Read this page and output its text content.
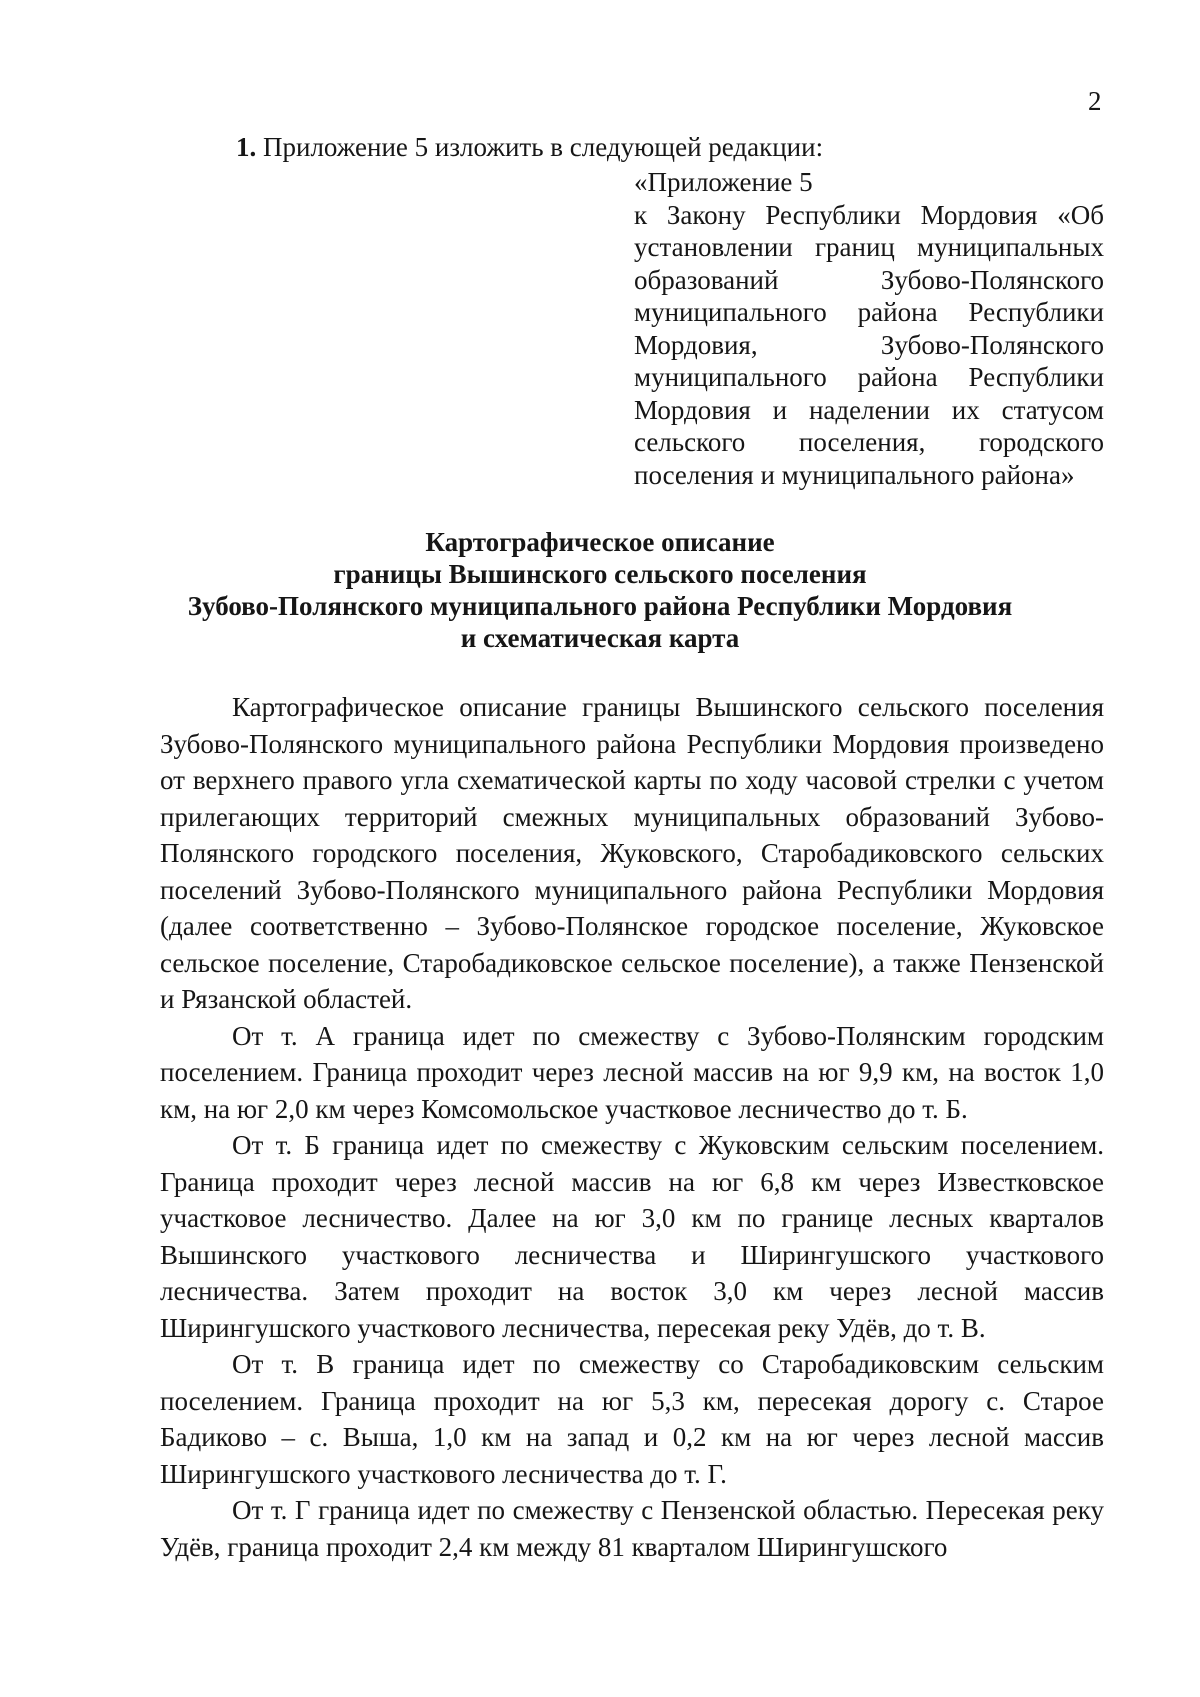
2
1. Приложение 5 изложить в следующей редакции:
«Приложение 5
к Закону Республики Мордовия «Об установлении границ муниципальных образований Зубово-Полянского муниципального района Республики Мордовия, Зубово-Полянского муниципального района Республики Мордовия и наделении их статусом сельского поселения, городского поселения и муниципального района»
Картографическое описание
границы Вышинского сельского поселения
Зубово-Полянского муниципального района Республики Мордовия
и схематическая карта

Картографическое описание границы Вышинского сельского поселения Зубово-Полянского муниципального района Республики Мордовия произведено от верхнего правого угла схематической карты по ходу часовой стрелки с учетом прилегающих территорий смежных муниципальных образований Зубово-Полянского городского поселения, Жуковского, Старобадиковского сельских поселений Зубово-Полянского муниципального района Республики Мордовия (далее соответственно – Зубово-Полянское городское поселение, Жуковское сельское поселение, Старобадиковское сельское поселение), а также Пензенской и Рязанской областей.

От т. А граница идет по смежеству с Зубово-Полянским городским поселением. Граница проходит через лесной массив на юг 9,9 км, на восток 1,0 км, на юг 2,0 км через Комсомольское участковое лесничество до т. Б.

От т. Б граница идет по смежеству с Жуковским сельским поселением. Граница проходит через лесной массив на юг 6,8 км через Известковское участковое лесничество. Далее на юг 3,0 км по границе лесных кварталов Вышинского участкового лесничества и Ширингушского участкового лесничества. Затем проходит на восток 3,0 км через лесной массив Ширингушского участкового лесничества, пересекая реку Удёв, до т. В.

От т. В граница идет по смежеству со Старобадиковским сельским поселением. Граница проходит на юг 5,3 км, пересекая дорогу с. Старое Бадиково – с. Выша, 1,0 км на запад и 0,2 км на юг через лесной массив Ширингушского участкового лесничества до т. Г.

От т. Г граница идет по смежеству с Пензенской областью. Пересекая реку Удёв, граница проходит 2,4 км между 81 кварталом Ширингушского
